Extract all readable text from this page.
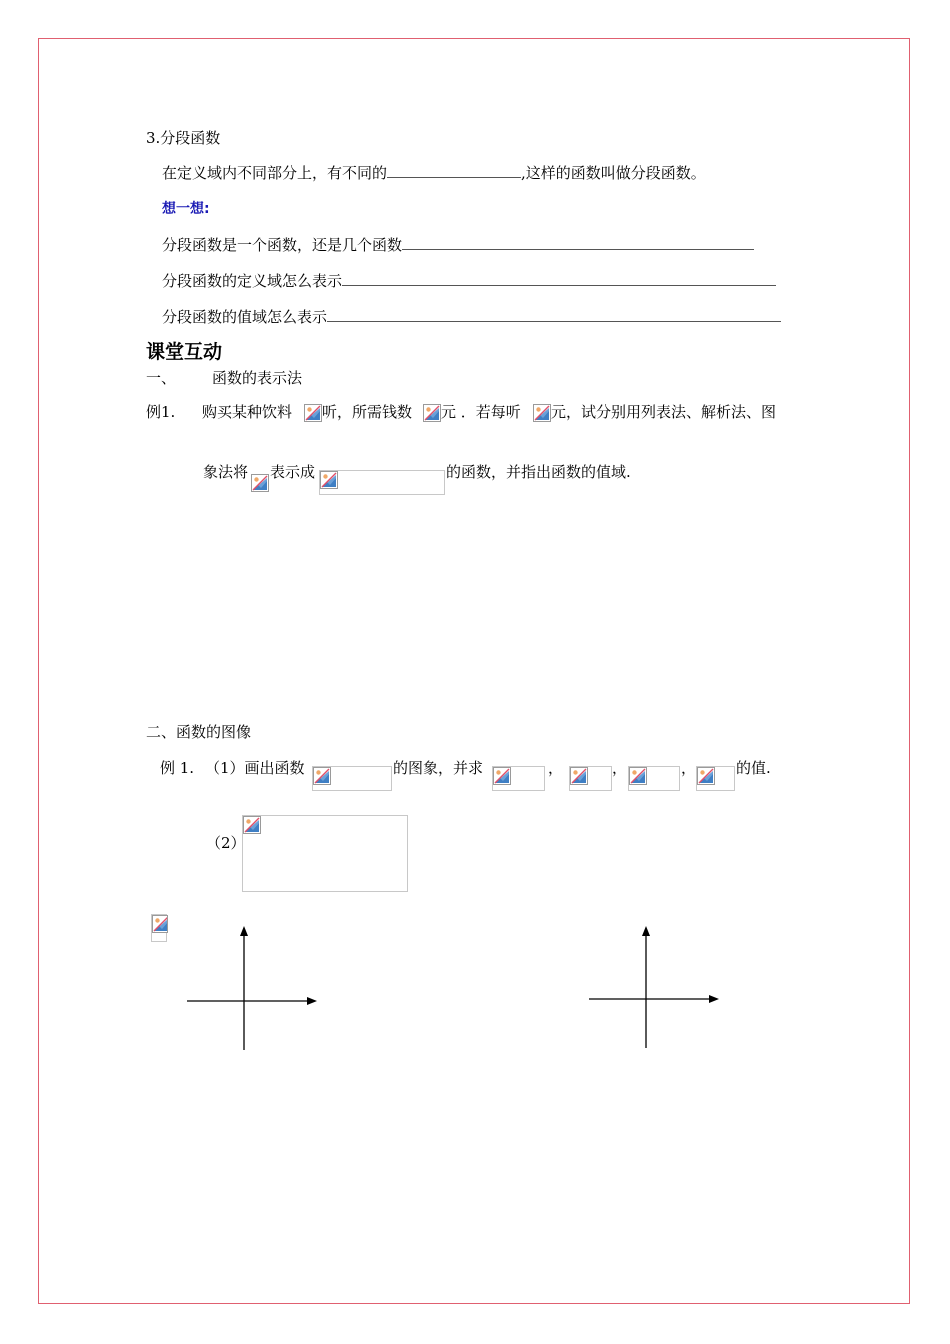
3.分段函数
在定义域内不同部分上，有不同的	,这样的函数叫做分段函数。
想一想:
分段函数是一个函数，还是几个函数
分段函数的定义域怎么表示
分段函数的值域怎么表示
课堂互动
一、 函数的表示法
例1. 购买某种饮料 听，所需钱数 元 ．若每听 元，试分别用列表法、解析法、图
象法将 表示成	的函数，并指出函数的值域.
二、函数的图像
例 1. （1）画出函数	的图象，并求	，	，	，	的值.
（2）
